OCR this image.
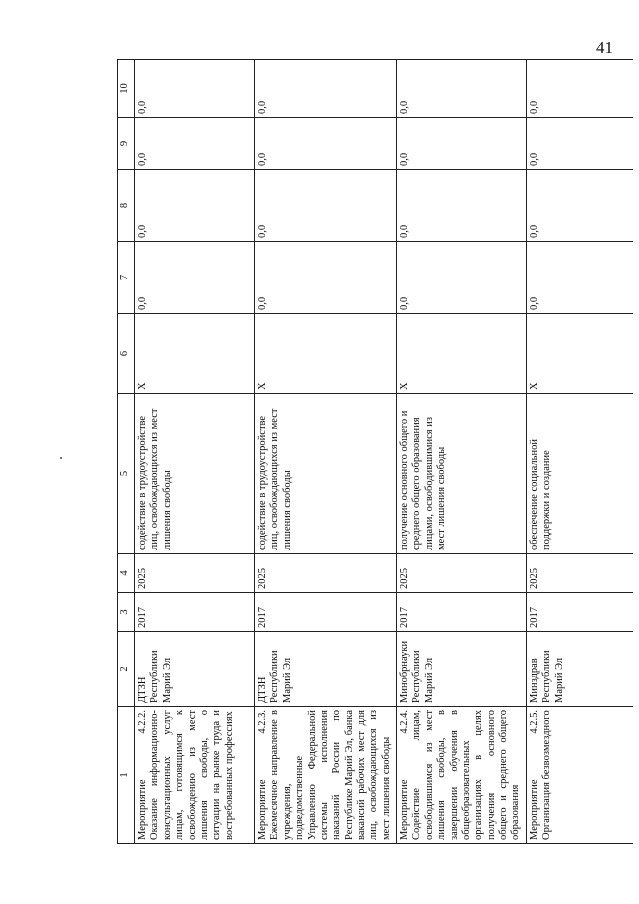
41
1	2	3	4	5	6	7	8	9	10
Мероприятие 4.2.2. Оказание информационно-консультационных услуг лицам, готовящимся к освобождению из мест лишения свободы, о ситуации на рынке труда и востребованных профессиях	ДТЗН Республики Марий Эл	2017	2025	содействие в трудоустройстве лиц, освобождающихся из мест лишения свободы	Х	0,0	0,0	0,0	0,0
Мероприятие 4.2.3. Ежемесячное направление в учреждения, подведомственные Управлению Федеральной системы исполнения наказаний России по Республике Марий Эл, банка вакансий рабочих мест для лиц, освобождающихся из мест лишения свободы	ДТЗН Республики Марий Эл	2017	2025	содействие в трудоустройстве лиц, освобождающихся из мест лишения свободы	Х	0,0	0,0	0,0	0,0
Мероприятие 4.2.4. Содействие лицам, освободившимся из мест лишения свободы, в завершении обучения в общеобразовательных организациях в целях получения основного общего и среднего общего образования	Минобрнауки Республики Марий Эл	2017	2025	получение основного общего и среднего общего образования лицами, освободившимися из мест лишения свободы	Х	0,0	0,0	0,0	0,0
Мероприятие 4.2.5. Организация безвозмездного	Минздрав Республики Марий Эл	2017	2025	обеспечение социальной поддержки и создание	Х	0,0	0,0	0,0	0,0
